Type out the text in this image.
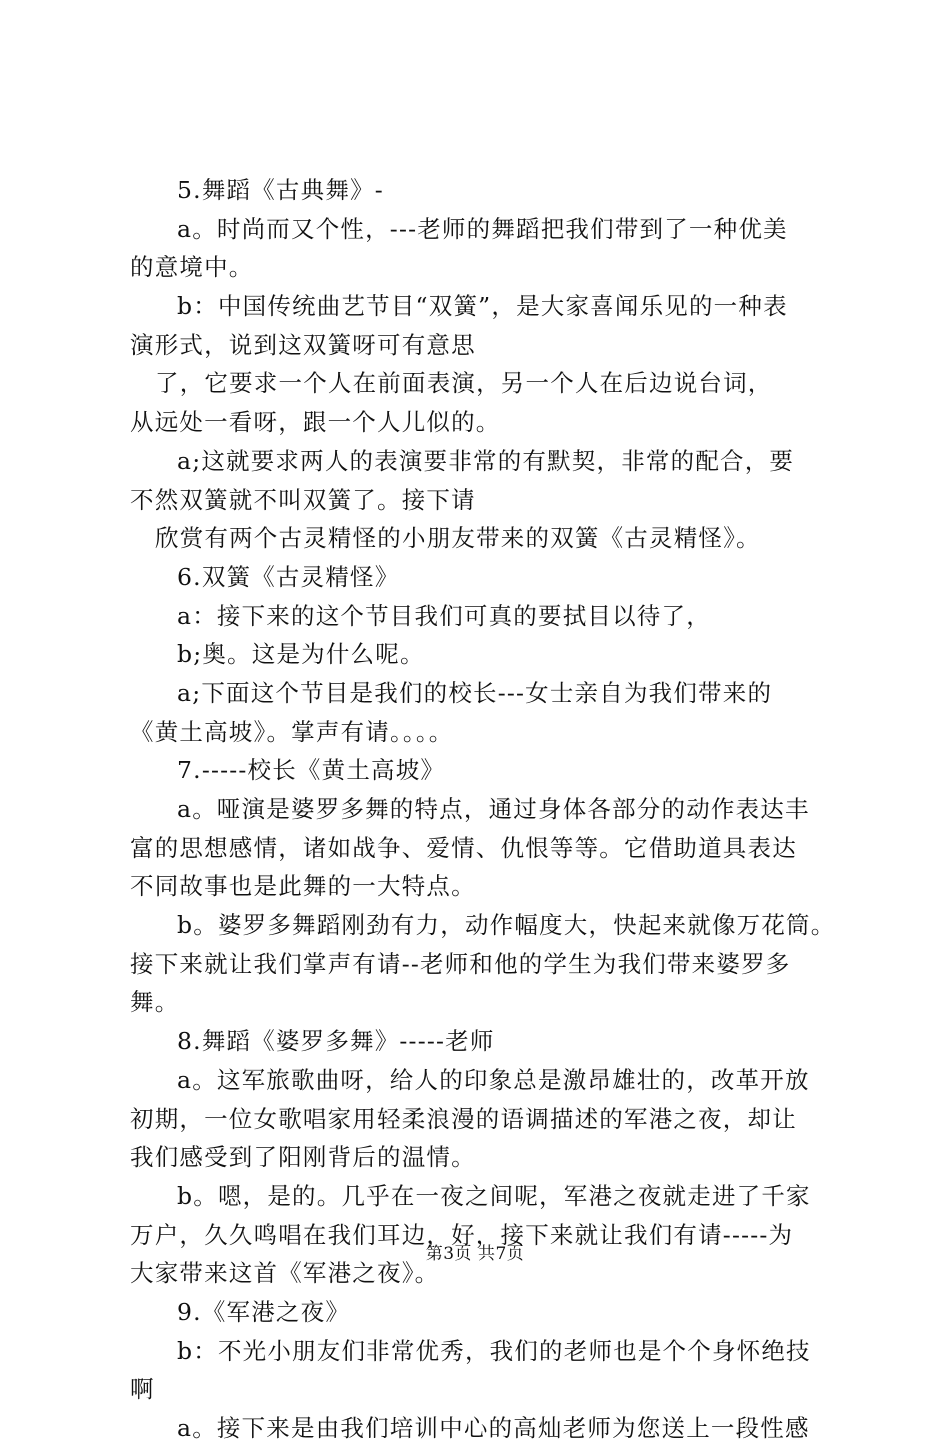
5.舞蹈《古典舞》-
a。时尚而又个性，---老师的舞蹈把我们带到了一种优美
的意境中。
b：中国传统曲艺节目“双簧”，是大家喜闻乐见的一种表
演形式，说到这双簧呀可有意思
了，它要求一个人在前面表演，另一个人在后边说台词，
从远处一看呀，跟一个人儿似的。
a;这就要求两人的表演要非常的有默契，非常的配合，要
不然双簧就不叫双簧了。接下请
欣赏有两个古灵精怪的小朋友带来的双簧《古灵精怪》。
6.双簧《古灵精怪》
a：接下来的这个节目我们可真的要拭目以待了，
b;奥。这是为什么呢。
a;下面这个节目是我们的校长---女士亲自为我们带来的
《黄土高坡》。掌声有请。。。。
7.-----校长《黄土高坡》
a。哑演是婆罗多舞的特点，通过身体各部分的动作表达丰
富的思想感情，诸如战争、爱情、仇恨等等。它借助道具表达
不同故事也是此舞的一大特点。
b。婆罗多舞蹈刚劲有力，动作幅度大，快起来就像万花筒。
接下来就让我们掌声有请--老师和他的学生为我们带来婆罗多
舞。
8.舞蹈《婆罗多舞》-----老师
a。这军旅歌曲呀，给人的印象总是激昂雄壮的，改革开放
初期，一位女歌唱家用轻柔浪漫的语调描述的军港之夜，却让
我们感受到了阳刚背后的温情。
b。嗯，是的。几乎在一夜之间呢，军港之夜就走进了千家
万户，久久鸣唱在我们耳边，好，接下来就让我们有请-----为
大家带来这首《军港之夜》。
9.《军港之夜》
b：不光小朋友们非常优秀，我们的老师也是个个身怀绝技
啊
a。接下来是由我们培训中心的高灿老师为您送上一段性感
第3页 共7页
